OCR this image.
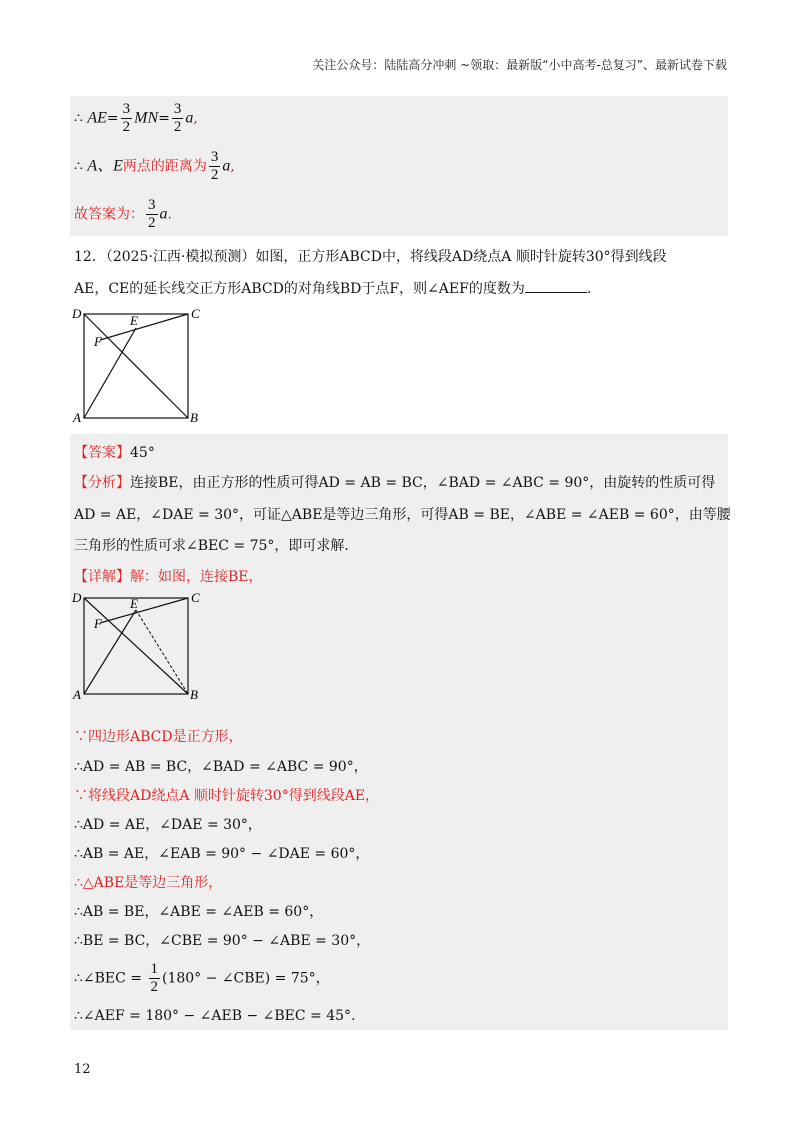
关注公众号：陆陆高分冲刺 ~领取：最新版“小中高考-总复习”、最新试卷下载
∴ $AE= \frac{3}{2} MN= \frac{3}{2} a$,
∴ A、E两点的距离为 $\frac{3}{2} a$,
故答案为： $\frac{3}{2} a$.
12．（2025·江西·模拟预测）如图，正方形ABCD中，将线段AD绕点A 顺时针旋转30°得到线段
AE，CE的延长线交正方形ABCD的对角线BD于点F，则∠AEF的度数为	.
D	C
A	B
E
F
【答案】45°
【分析】连接BE，由正方形的性质可得AD = AB = BC，∠BAD = ∠ABC = 90°，由旋转的性质可得
AD = AE，∠DAE = 30°，可证△ABE是等边三角形，可得AB = BE，∠ABE = ∠AEB = 60°，由等腰
三角形的性质可求∠BEC = 75°，即可求解.
【详解】解：如图，连接BE，
D	C
A	B
E
F
∵四边形ABCD是正方形，
∴AD = AB = BC，∠BAD = ∠ABC = 90°，
∵将线段AD绕点A 顺时针旋转30°得到线段AE，
∴AD = AE，∠DAE = 30°，
∴AB = AE，∠EAB = 90° − ∠DAE = 60°，
∴△ABE是等边三角形，
∴AB = BE，∠ABE = ∠AEB = 60°，
∴BE = BC，∠CBE = 90° − ∠ABE = 30°，
∴∠BEC = $\frac{1}{2} (180^\circ$ − ∠CBE) = 75°，
∴∠AEF = 180° − ∠AEB − ∠BEC = 45°.
12
